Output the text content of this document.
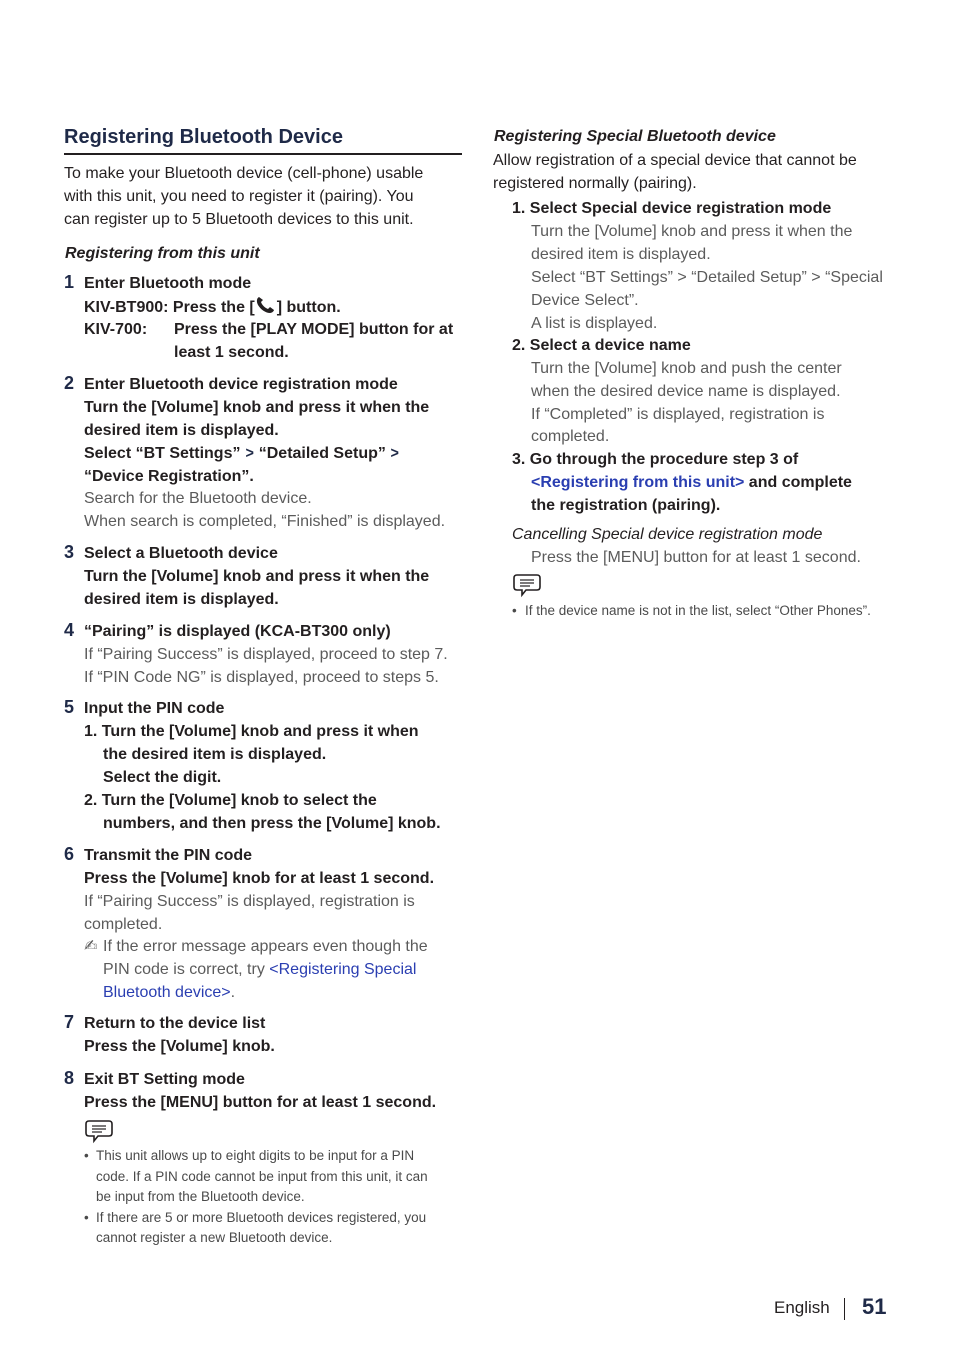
Registering Bluetooth Device
To make your Bluetooth device (cell-phone) usable
with this unit, you need to register it (pairing). You
can register up to 5 Bluetooth devices to this unit.
Registering from this unit
1 Enter Bluetooth mode
KIV-BT900: Press the [ ] button.
KIV-700: Press the [PLAY MODE] button for at
least 1 second.
2 Enter Bluetooth device registration mode
Turn the [Volume] knob and press it when the
desired item is displayed.
Select “BT Settings” > “Detailed Setup” >
“Device Registration”.
Search for the Bluetooth device.
When search is completed, “Finished” is displayed.
3 Select a Bluetooth device
Turn the [Volume] knob and press it when the
desired item is displayed.
4 “Pairing” is displayed (KCA-BT300 only)
If “Pairing Success” is displayed, proceed to step 7.
If “PIN Code NG” is displayed, proceed to steps 5.
5 Input the PIN code
1. Turn the [Volume] knob and press it when
the desired item is displayed.
Select the digit.
2. Turn the [Volume] knob to select the
numbers, and then press the [Volume] knob.
6 Transmit the PIN code
Press the [Volume] knob for at least 1 second.
If “Pairing Success” is displayed, registration is
completed.
✍ If the error message appears even though the
PIN code is correct, try <Registering Special
Bluetooth device>.
7 Return to the device list
Press the [Volume] knob.
8 Exit BT Setting mode
Press the [MENU] button for at least 1 second.
• This unit allows up to eight digits to be input for a PIN
code. If a PIN code cannot be input from this unit, it can
be input from the Bluetooth device.
• If there are 5 or more Bluetooth devices registered, you
cannot register a new Bluetooth device.
Registering Special Bluetooth device
Allow registration of a special device that cannot be
registered normally (pairing).
1. Select Special device registration mode
Turn the [Volume] knob and press it when the
desired item is displayed.
Select “BT Settings” > “Detailed Setup” > “Special
Device Select”.
A list is displayed.
2. Select a device name
Turn the [Volume] knob and push the center
when the desired device name is displayed.
If “Completed” is displayed, registration is
completed.
3. Go through the procedure step 3 of
<Registering from this unit> and complete
the registration (pairing).
Cancelling Special device registration mode
Press the [MENU] button for at least 1 second.
• If the device name is not in the list, select “Other Phones”.
English 51
